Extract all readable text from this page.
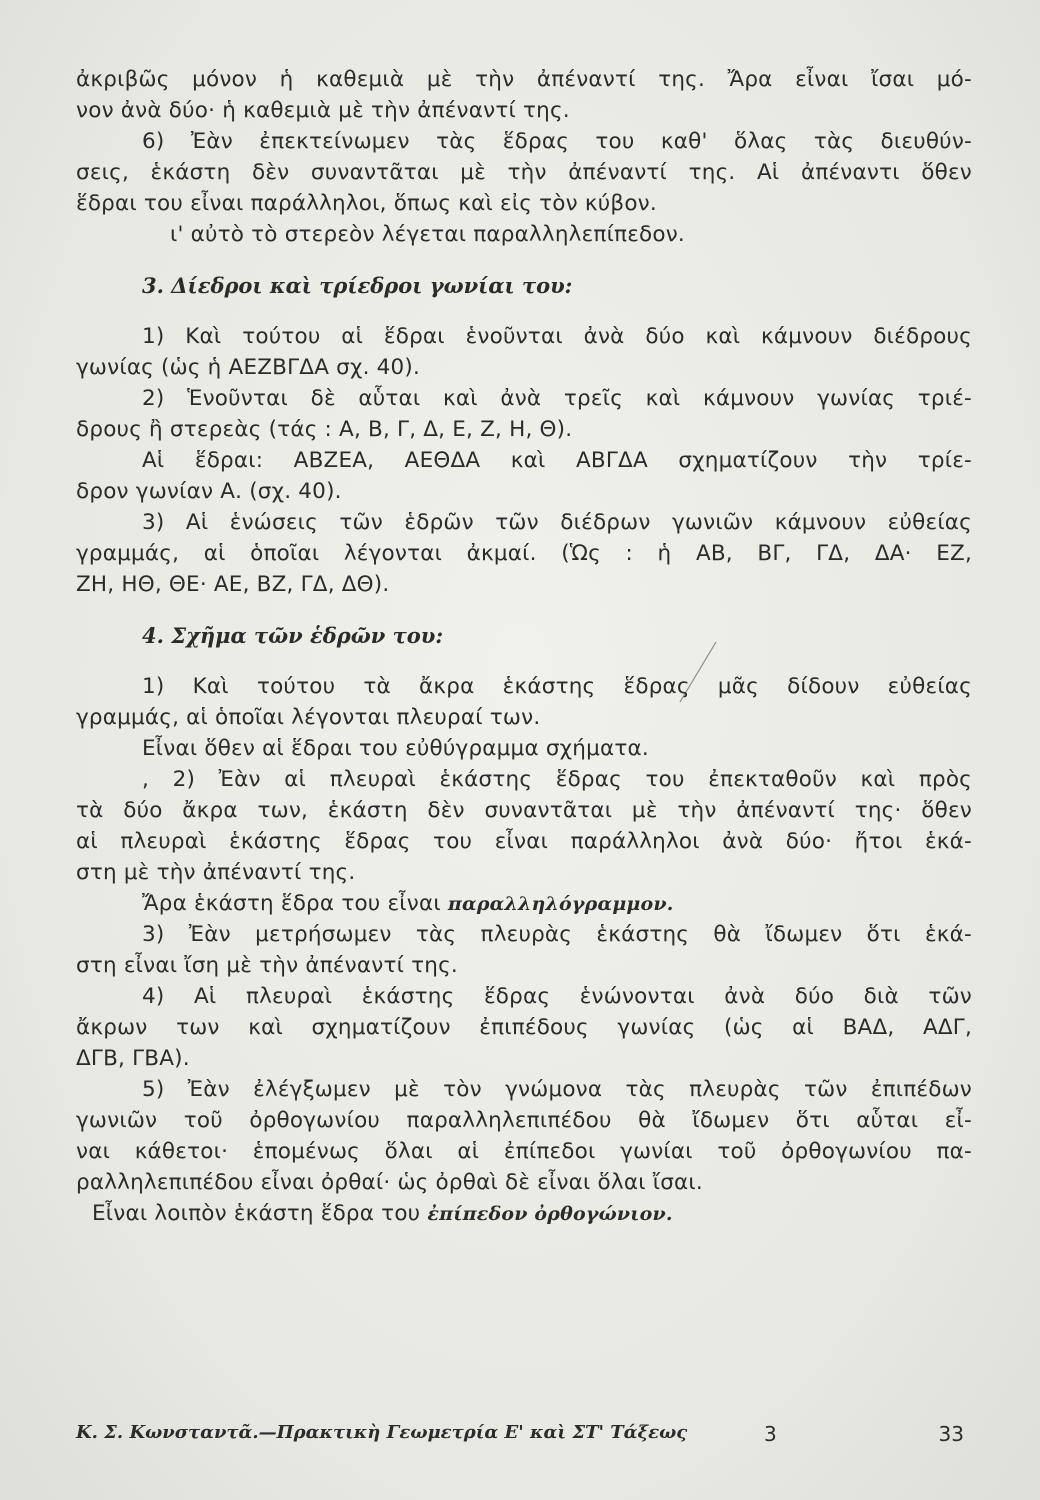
ἀκριβῶς μόνον ἡ καθεμιὰ μὲ τὴν ἀπέναντί της. Ἄρα εἶναι ἴσαι μό-
νον ἀνὰ δύο· ἡ καθεμιὰ μὲ τὴν ἀπέναντί της.
6) Ἐὰν ἐπεκτείνωμεν τὰς ἕδρας του καθ' ὅλας τὰς διευθύν-
σεις, ἑκάστη δὲν συναντᾶται μὲ τὴν ἀπέναντί της. Αἱ ἀπέναντι ὅθεν
ἕδραι του εἶναι παράλληλοι, ὅπως καὶ εἰς τὸν κύβον.
ι' αὐτὸ τὸ στερεὸν λέγεται παραλληλεπίπεδον.
3. Δίεδροι καὶ τρίεδροι γωνίαι του:
1) Καὶ τούτου αἱ ἕδραι ἑνοῦνται ἀνὰ δύο καὶ κάμνουν διέδρους
γωνίας (ὡς ἡ ΑΕΖΒΓΔΑ σχ. 40).
2) Ἑνοῦνται δὲ αὗται καὶ ἀνὰ τρεῖς καὶ κάμνουν γωνίας τριέ-
δρους ἢ στερεὰς (τάς : Α, Β, Γ, Δ, Ε, Ζ, Η, Θ).
Αἱ ἕδραι: ΑΒΖΕΑ, ΑΕΘΔΑ καὶ ΑΒΓΔΑ σχηματίζουν τὴν τρίε-
δρον γωνίαν Α. (σχ. 40).
3) Αἱ ἑνώσεις τῶν ἑδρῶν τῶν διέδρων γωνιῶν κάμνουν εὐθείας
γραμμάς, αἱ ὁποῖαι λέγονται ἀκμαί. (Ὡς : ἡ ΑΒ, ΒΓ, ΓΔ, ΔΑ· ΕΖ,
ΖΗ, ΗΘ, ΘΕ· ΑΕ, ΒΖ, ΓΔ, ΔΘ).
4. Σχῆμα τῶν ἑδρῶν του:
1) Καὶ τούτου τὰ ἄκρα ἑκάστης ἕδρας μᾶς δίδουν εὐθείας
γραμμάς, αἱ ὁποῖαι λέγονται πλευραί των.
Εἶναι ὅθεν αἱ ἕδραι του εὐθύγραμμα σχήματα.
, 2) Ἐὰν αἱ πλευραὶ ἑκάστης ἕδρας του ἐπεκταθοῦν καὶ πρὸς
τὰ δύο ἄκρα των, ἑκάστη δὲν συναντᾶται μὲ τὴν ἀπέναντί της· ὅθεν
αἱ πλευραὶ ἑκάστης ἕδρας του εἶναι παράλληλοι ἀνὰ δύο· ἤτοι ἑκά-
στη μὲ τὴν ἀπέναντί της.
Ἄρα ἑκάστη ἕδρα του εἶναι παραλληλόγραμμον.
3) Ἐὰν μετρήσωμεν τὰς πλευρὰς ἑκάστης θὰ ἴδωμεν ὅτι ἑκά-
στη εἶναι ἴση μὲ τὴν ἀπέναντί της.
4) Αἱ πλευραὶ ἑκάστης ἕδρας ἑνώνονται ἀνὰ δύο διὰ τῶν
ἄκρων των καὶ σχηματίζουν ἐπιπέδους γωνίας (ὡς αἱ ΒΑΔ, ΑΔΓ,
ΔΓΒ, ΓΒΑ).
5) Ἐὰν ἐλέγξωμεν μὲ τὸν γνώμονα τὰς πλευρὰς τῶν ἐπιπέδων
γωνιῶν τοῦ ὀρθογωνίου παραλληλεπιπέδου θὰ ἴδωμεν ὅτι αὗται εἶ-
ναι κάθετοι· ἑπομένως ὅλαι αἱ ἐπίπεδοι γωνίαι τοῦ ὀρθογωνίου πα-
ραλληλεπιπέδου εἶναι ὀρθαί· ὡς ὀρθαὶ δὲ εἶναι ὅλαι ἴσαι.
Εἶναι λοιπὸν ἑκάστη ἕδρα του ἐπίπεδον ὀρθογώνιον.
Κ. Σ. Κωνσταντᾶ.—Πρακτικὴ Γεωμετρία Ε' καὶ ΣΤ' Τάξεως	3	33
